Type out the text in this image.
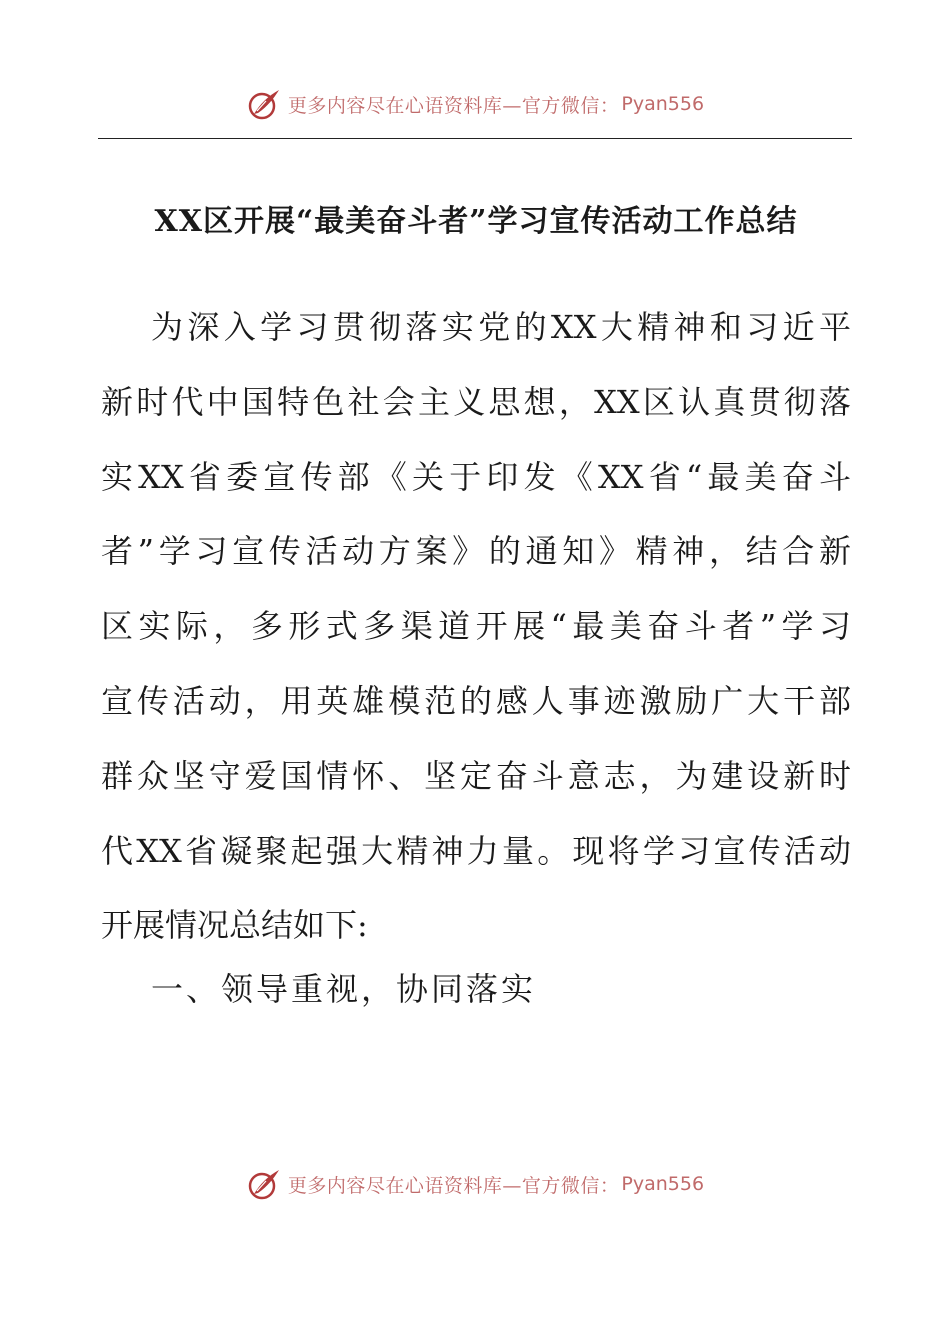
更多内容尽在心语资料库—官方微信： Pyan556
XX区开展“最美奋斗者”学习宣传活动工作总结
为深入学习贯彻落实党的XX大精神和习近平
新时代中国特色社会主义思想，XX区认真贯彻落
实XX省委宣传部《关于印发《XX省“最美奋斗
者”学习宣传活动方案》的通知》精神，结合新
区实际，多形式多渠道开展“最美奋斗者”学习
宣传活动，用英雄模范的感人事迹激励广大干部
群众坚守爱国情怀、坚定奋斗意志，为建设新时
代XX省凝聚起强大精神力量。现将学习宣传活动
开展情况总结如下:
一、领导重视，协同落实
更多内容尽在心语资料库—官方微信： Pyan556
